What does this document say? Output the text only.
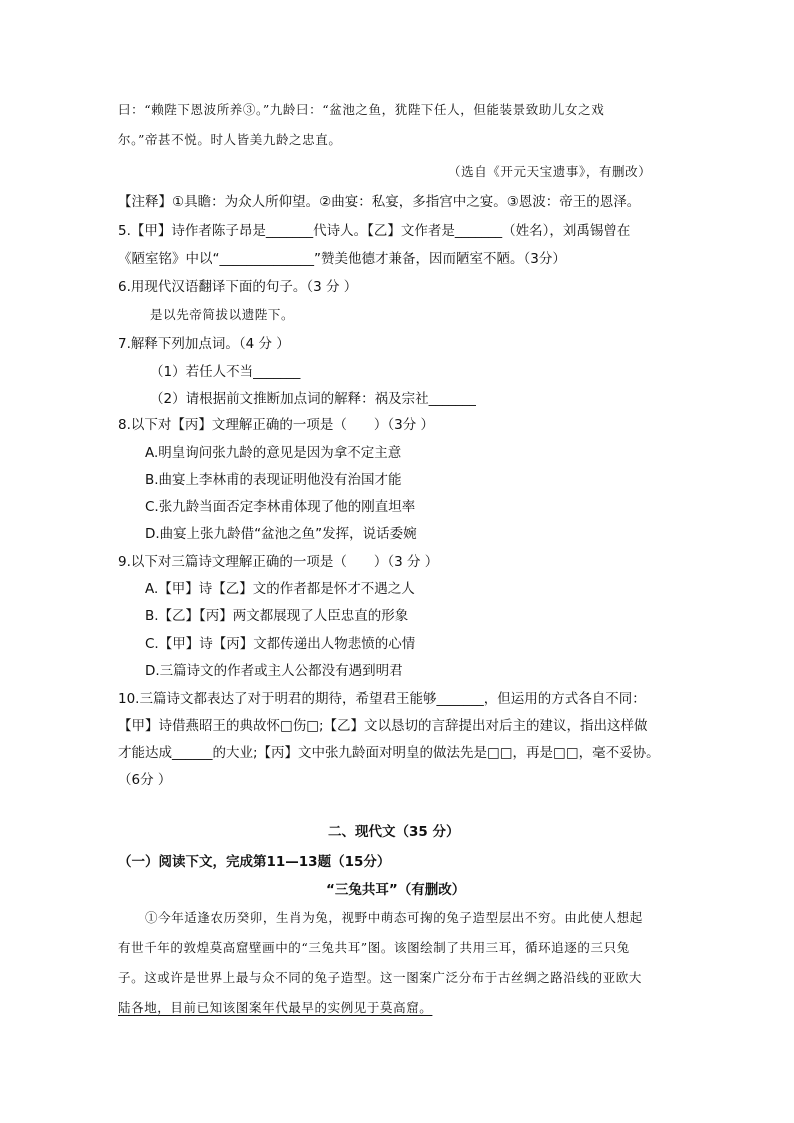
曰：“赖陛下恩波所养③。”九龄曰：“盆池之鱼，犹陛下任人，但能装景致助儿女之戏
尔。”帝甚不悦。时人皆美九龄之忠直。
（选自《开元天宝遗事》，有删改）
【注释】①具瞻：为众人所仰望。②曲宴：私宴，多指宫中之宴。③恩波：帝王的恩泽。
5.【甲】诗作者陈子昂是_______代诗人。【乙】文作者是_______（姓名），刘禹锡曾在
《陋室铭》中以“______________”赞美他德才兼备，因而陋室不陋。（3分）
6.用现代汉语翻译下面的句子。（3 分 ）
是以先帝简拔以遗陛下。
7.解释下列加点词。（4 分 ）
（1）若任人不当_______
（2）请根据前文推断加点词的解释：祸及宗社_______
8.以下对【丙】文理解正确的一项是（　　）（3分 ）
A.明皇询问张九龄的意见是因为拿不定主意
B.曲宴上李林甫的表现证明他没有治国才能
C.张九龄当面否定李林甫体现了他的刚直坦率
D.曲宴上张九龄借“盆池之鱼”发挥，说话委婉
9.以下对三篇诗文理解正确的一项是（　　）（3 分 ）
A.【甲】诗【乙】文的作者都是怀才不遇之人
B.【乙】【丙】两文都展现了人臣忠直的形象
C.【甲】诗【丙】文都传递出人物悲愤的心情
D.三篇诗文的作者或主人公都没有遇到明君
10.三篇诗文都表达了对于明君的期待，希望君王能够_______，但运用的方式各自不同：
【甲】诗借燕昭王的典故怀□伤□;【乙】文以恳切的言辞提出对后主的建议，指出这样做
才能达成______的大业;【丙】文中张九龄面对明皇的做法先是□□，再是□□，毫不妥协。
（6分 ）
二、现代文（35 分）
（一）阅读下文，完成第11—13题（15分）
“三兔共耳”（有删改）
①今年适逢农历癸卯，生肖为兔，视野中萌态可掬的兔子造型层出不穷。由此使人想起
有世千年的敦煌莫高窟壁画中的“三兔共耳”图。该图绘制了共用三耳，循环追逐的三只兔
子。这或许是世界上最与众不同的兔子造型。这一图案广泛分布于古丝绸之路沿线的亚欧大
陆各地，目前已知该图案年代最早的实例见于莫高窟。
